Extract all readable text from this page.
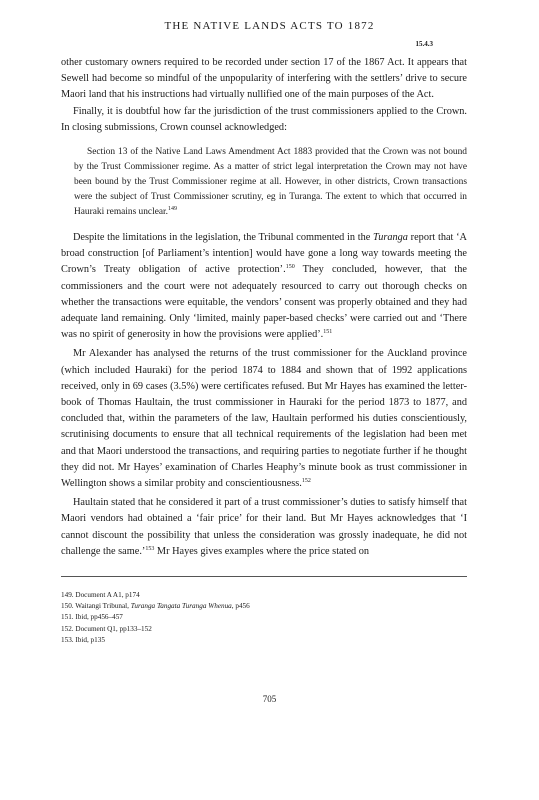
THE NATIVE LANDS ACTS TO 1872
15.4.3

other customary owners required to be recorded under section 17 of the 1867 Act. It appears that Sewell had become so mindful of the unpopularity of interfering with the settlers’ drive to secure Maori land that his instructions had virtually nullified one of the main purposes of the Act.

Finally, it is doubtful how far the jurisdiction of the trust commissioners applied to the Crown. In closing submissions, Crown counsel acknowledged:

Section 13 of the Native Land Laws Amendment Act 1883 provided that the Crown was not bound by the Trust Commissioner regime. As a matter of strict legal interpretation the Crown may not have been bound by the Trust Commissioner regime at all. However, in other districts, Crown transactions were the subject of Trust Commissioner scrutiny, eg in Turanga. The extent to which that occurred in Hauraki remains unclear.$^{149}$

Despite the limitations in the legislation, the Tribunal commented in the Turanga report that ‘A broad construction [of Parliament’s intention] would have gone a long way towards meeting the Crown’s Treaty obligation of active protection’.$^{150}$ They concluded, however, that the commissioners and the court were not adequately resourced to carry out thorough checks on whether the transactions were equitable, the vendors’ consent was properly obtained and they had adequate land remaining. Only ‘limited, mainly paper-based checks’ were carried out and ‘There was no spirit of generosity in how the provisions were applied’.$^{151}$

Mr Alexander has analysed the returns of the trust commissioner for the Auckland province (which included Hauraki) for the period 1874 to 1884 and shown that of 1992 applications received, only in 69 cases (3.5%) were certificates refused. But Mr Hayes has examined the letter-book of Thomas Haultain, the trust commissioner in Hauraki for the period 1873 to 1877, and concluded that, within the parameters of the law, Haultain performed his duties conscientiously, scrutinising documents to ensure that all technical requirements of the legislation had been met and that Maori understood the transactions, and requiring parties to negotiate further if he thought they did not. Mr Hayes’ examination of Charles Heaphy’s minute book as trust commissioner in Wellington shows a similar probity and conscientiousness.$^{152}$

Haultain stated that he considered it part of a trust commissioner’s duties to satisfy himself that Maori vendors had obtained a ‘fair price’ for their land. But Mr Hayes acknowledges that ‘I cannot discount the possibility that unless the consideration was grossly inadequate, he did not challenge the same.’$^{153}$ Mr Hayes gives examples where the price stated on

149. Document A A1, p174

150. Waitangi Tribunal, Turanga Tangata Turanga Whenua, p456

151. Ibid, pp456–457

152. Document Q1, pp133–152

153. Ibid, p135

705
